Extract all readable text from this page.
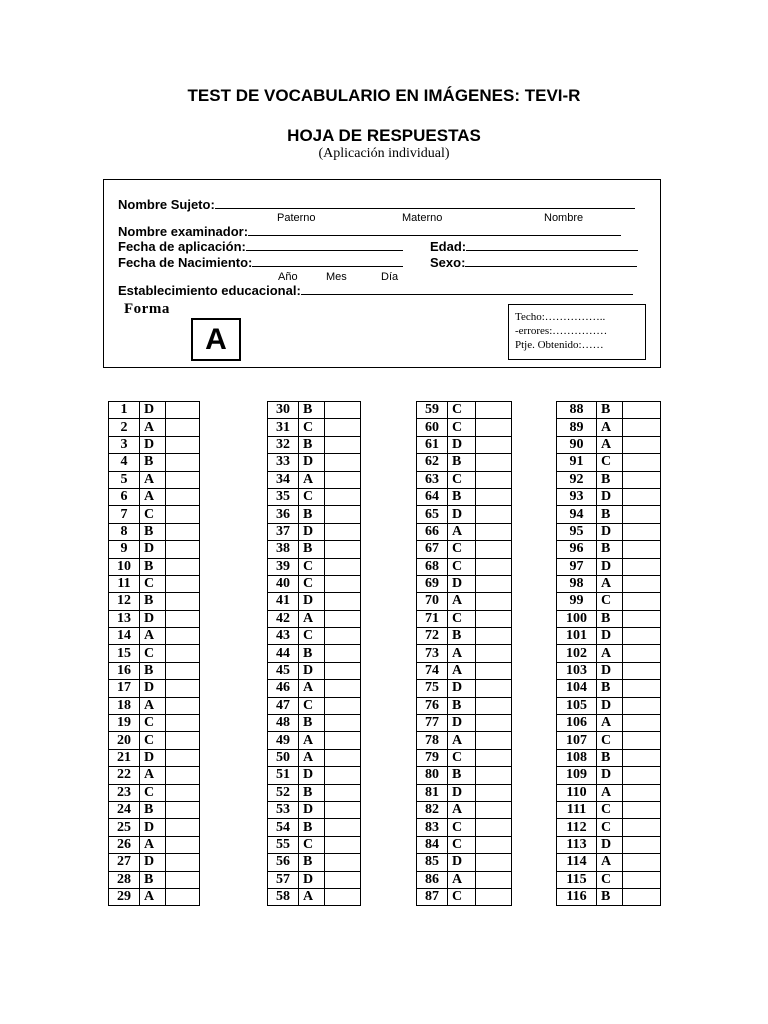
TEST DE VOCABULARIO EN IMÁGENES: TEVI-R
HOJA DE RESPUESTAS
(Aplicación individual)
Nombre Sujeto:
Paterno	Materno	Nombre
Nombre examinador:
Fecha de aplicación:	Edad:
Fecha de Nacimiento:	Sexo:
Año	Mes	Día
Establecimiento educacional:
Forma
A
Techo:……………..
-errores:……………
Ptje. Obtenido:……
1	D	
2	A	
3	D	
4	B	
5	A	
6	A	
7	C	
8	B	
9	D	
10	B	
11	C	
12	B	
13	D	
14	A	
15	C	
16	B	
17	D	
18	A	
19	C	
20	C	
21	D	
22	A	
23	C	
24	B	
25	D	
26	A	
27	D	
28	B	
29	A	
30	B	
31	C	
32	B	
33	D	
34	A	
35	C	
36	B	
37	D	
38	B	
39	C	
40	C	
41	D	
42	A	
43	C	
44	B	
45	D	
46	A	
47	C	
48	B	
49	A	
50	A	
51	D	
52	B	
53	D	
54	B	
55	C	
56	B	
57	D	
58	A	
59	C	
60	C	
61	D	
62	B	
63	C	
64	B	
65	D	
66	A	
67	C	
68	C	
69	D	
70	A	
71	C	
72	B	
73	A	
74	A	
75	D	
76	B	
77	D	
78	A	
79	C	
80	B	
81	D	
82	A	
83	C	
84	C	
85	D	
86	A	
87	C	
88	B	
89	A	
90	A	
91	C	
92	B	
93	D	
94	B	
95	D	
96	B	
97	D	
98	A	
99	C	
100	B	
101	D	
102	A	
103	D	
104	B	
105	D	
106	A	
107	C	
108	B	
109	D	
110	A	
111	C	
112	C	
113	D	
114	A	
115	C	
116	B	
